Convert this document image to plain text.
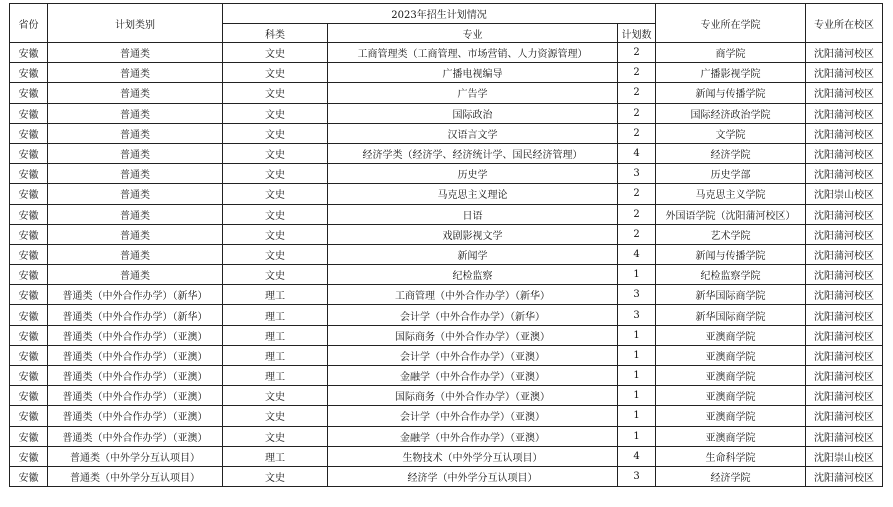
省份	计划类别	2023年招生计划情况			专业所在学院	专业所在校区
		科类	专业	计划数		
安徽	普通类	文史	工商管理类（工商管理、市场营销、人力资源管理）	2	商学院	沈阳蒲河校区
安徽	普通类	文史	广播电视编导	2	广播影视学院	沈阳蒲河校区
安徽	普通类	文史	广告学	2	新闻与传播学院	沈阳蒲河校区
安徽	普通类	文史	国际政治	2	国际经济政治学院	沈阳蒲河校区
安徽	普通类	文史	汉语言文学	2	文学院	沈阳蒲河校区
安徽	普通类	文史	经济学类（经济学、经济统计学、国民经济管理）	4	经济学院	沈阳蒲河校区
安徽	普通类	文史	历史学	3	历史学部	沈阳蒲河校区
安徽	普通类	文史	马克思主义理论	2	马克思主义学院	沈阳崇山校区
安徽	普通类	文史	日语	2	外国语学院（沈阳蒲河校区）	沈阳蒲河校区
安徽	普通类	文史	戏剧影视文学	2	艺术学院	沈阳蒲河校区
安徽	普通类	文史	新闻学	4	新闻与传播学院	沈阳蒲河校区
安徽	普通类	文史	纪检监察	1	纪检监察学院	沈阳蒲河校区
安徽	普通类（中外合作办学）（新华）	理工	工商管理（中外合作办学）（新华）	3	新华国际商学院	沈阳蒲河校区
安徽	普通类（中外合作办学）（新华）	理工	会计学（中外合作办学）（新华）	3	新华国际商学院	沈阳蒲河校区
安徽	普通类（中外合作办学）（亚澳）	理工	国际商务（中外合作办学）（亚澳）	1	亚澳商学院	沈阳蒲河校区
安徽	普通类（中外合作办学）（亚澳）	理工	会计学（中外合作办学）（亚澳）	1	亚澳商学院	沈阳蒲河校区
安徽	普通类（中外合作办学）（亚澳）	理工	金融学（中外合作办学）（亚澳）	1	亚澳商学院	沈阳蒲河校区
安徽	普通类（中外合作办学）（亚澳）	文史	国际商务（中外合作办学）（亚澳）	1	亚澳商学院	沈阳蒲河校区
安徽	普通类（中外合作办学）（亚澳）	文史	会计学（中外合作办学）（亚澳）	1	亚澳商学院	沈阳蒲河校区
安徽	普通类（中外合作办学）（亚澳）	文史	金融学（中外合作办学）（亚澳）	1	亚澳商学院	沈阳蒲河校区
安徽	普通类（中外学分互认项目）	理工	生物技术（中外学分互认项目）	4	生命科学院	沈阳崇山校区
安徽	普通类（中外学分互认项目）	文史	经济学（中外学分互认项目）	3	经济学院	沈阳蒲河校区
